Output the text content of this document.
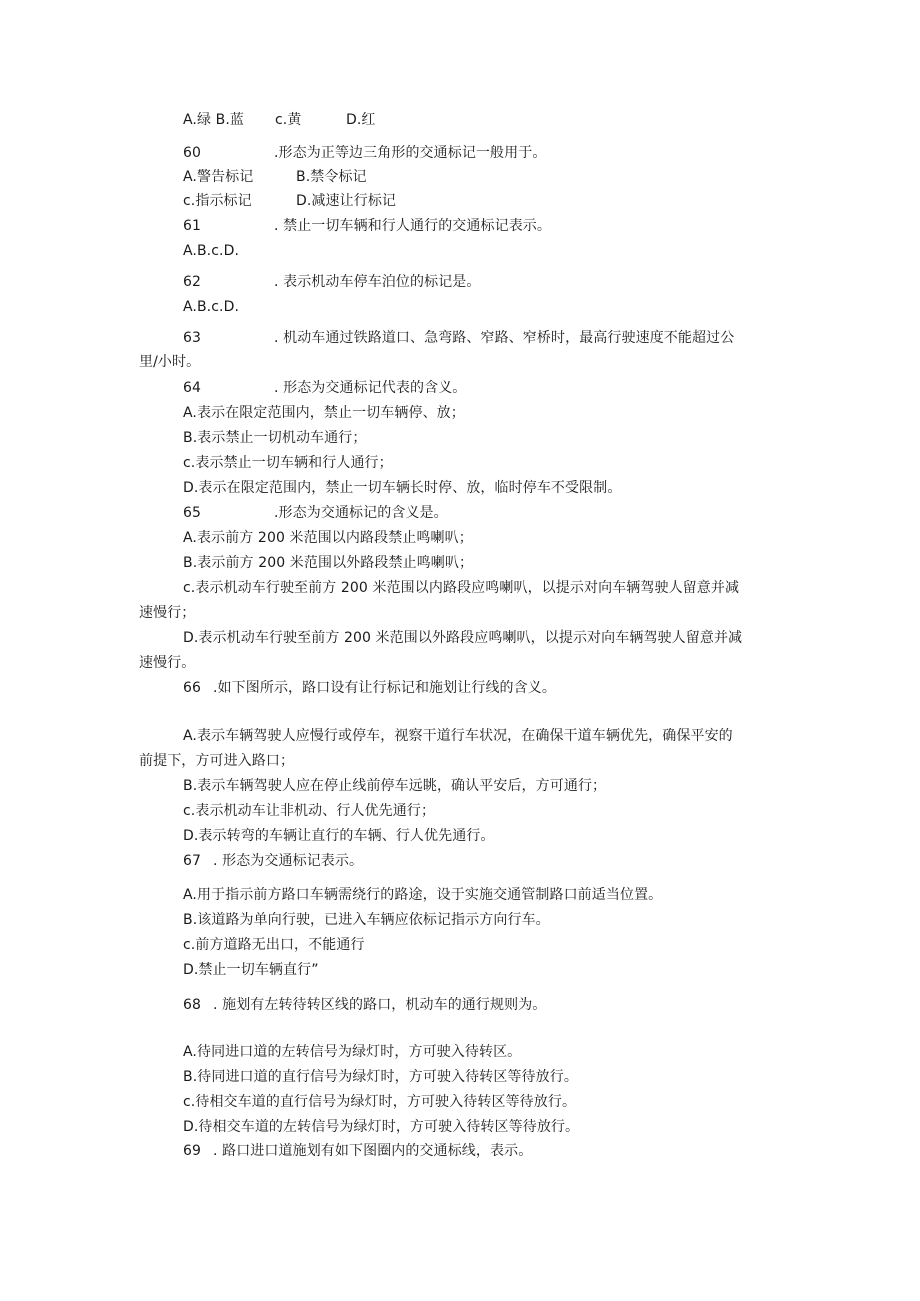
A.绿 B.蓝 c.黄	D.红
60	.形态为正等边三角形的交通标记一般用于。
A.警告标记	B.禁令标记
c.指示标记	D.减速让行标记
61	. 禁止一切车辆和行人通行的交通标记表示。
A.B.c.D.
62	. 表示机动车停车泊位的标记是。
A.B.c.D.
63	. 机动车通过铁路道口、急弯路、窄路、窄桥时，最高行驶速度不能超过公
里/小时。
64	. 形态为交通标记代表的含义。
A.表示在限定范围内，禁止一切车辆停、放；
B.表示禁止一切机动车通行；
c.表示禁止一切车辆和行人通行；
D.表示在限定范围内，禁止一切车辆长时停、放，临时停车不受限制。
65	.形态为交通标记的含义是。
A.表示前方 200 米范围以内路段禁止鸣喇叭；
B.表示前方 200 米范围以外路段禁止鸣喇叭；
c.表示机动车行驶至前方 200 米范围以内路段应鸣喇叭，以提示对向车辆驾驶人留意并减
速慢行；
D.表示机动车行驶至前方 200 米范围以外路段应鸣喇叭，以提示对向车辆驾驶人留意并减
速慢行。
66 .如下图所示，路口设有让行标记和施划让行线的含义。
A.表示车辆驾驶人应慢行或停车，视察干道行车状况，在确保干道车辆优先，确保平安的
前提下，方可进入路口；
B.表示车辆驾驶人应在停止线前停车远眺，确认平安后，方可通行；
c.表示机动车让非机动、行人优先通行；
D.表示转弯的车辆让直行的车辆、行人优先通行。
67 . 形态为交通标记表示。
A.用于指示前方路口车辆需绕行的路途，设于实施交通管制路口前适当位置。
B.该道路为单向行驶，已进入车辆应依标记指示方向行车。
c.前方道路无出口，不能通行
D.禁止一切车辆直行”
68 . 施划有左转待转区线的路口，机动车的通行规则为。
A.待同进口道的左转信号为绿灯时，方可驶入待转区。
B.待同进口道的直行信号为绿灯时，方可驶入待转区等待放行。
c.待相交车道的直行信号为绿灯时，方可驶入待转区等待放行。
D.待相交车道的左转信号为绿灯时，方可驶入待转区等待放行。
69 . 路口进口道施划有如下图圈内的交通标线，表示。
